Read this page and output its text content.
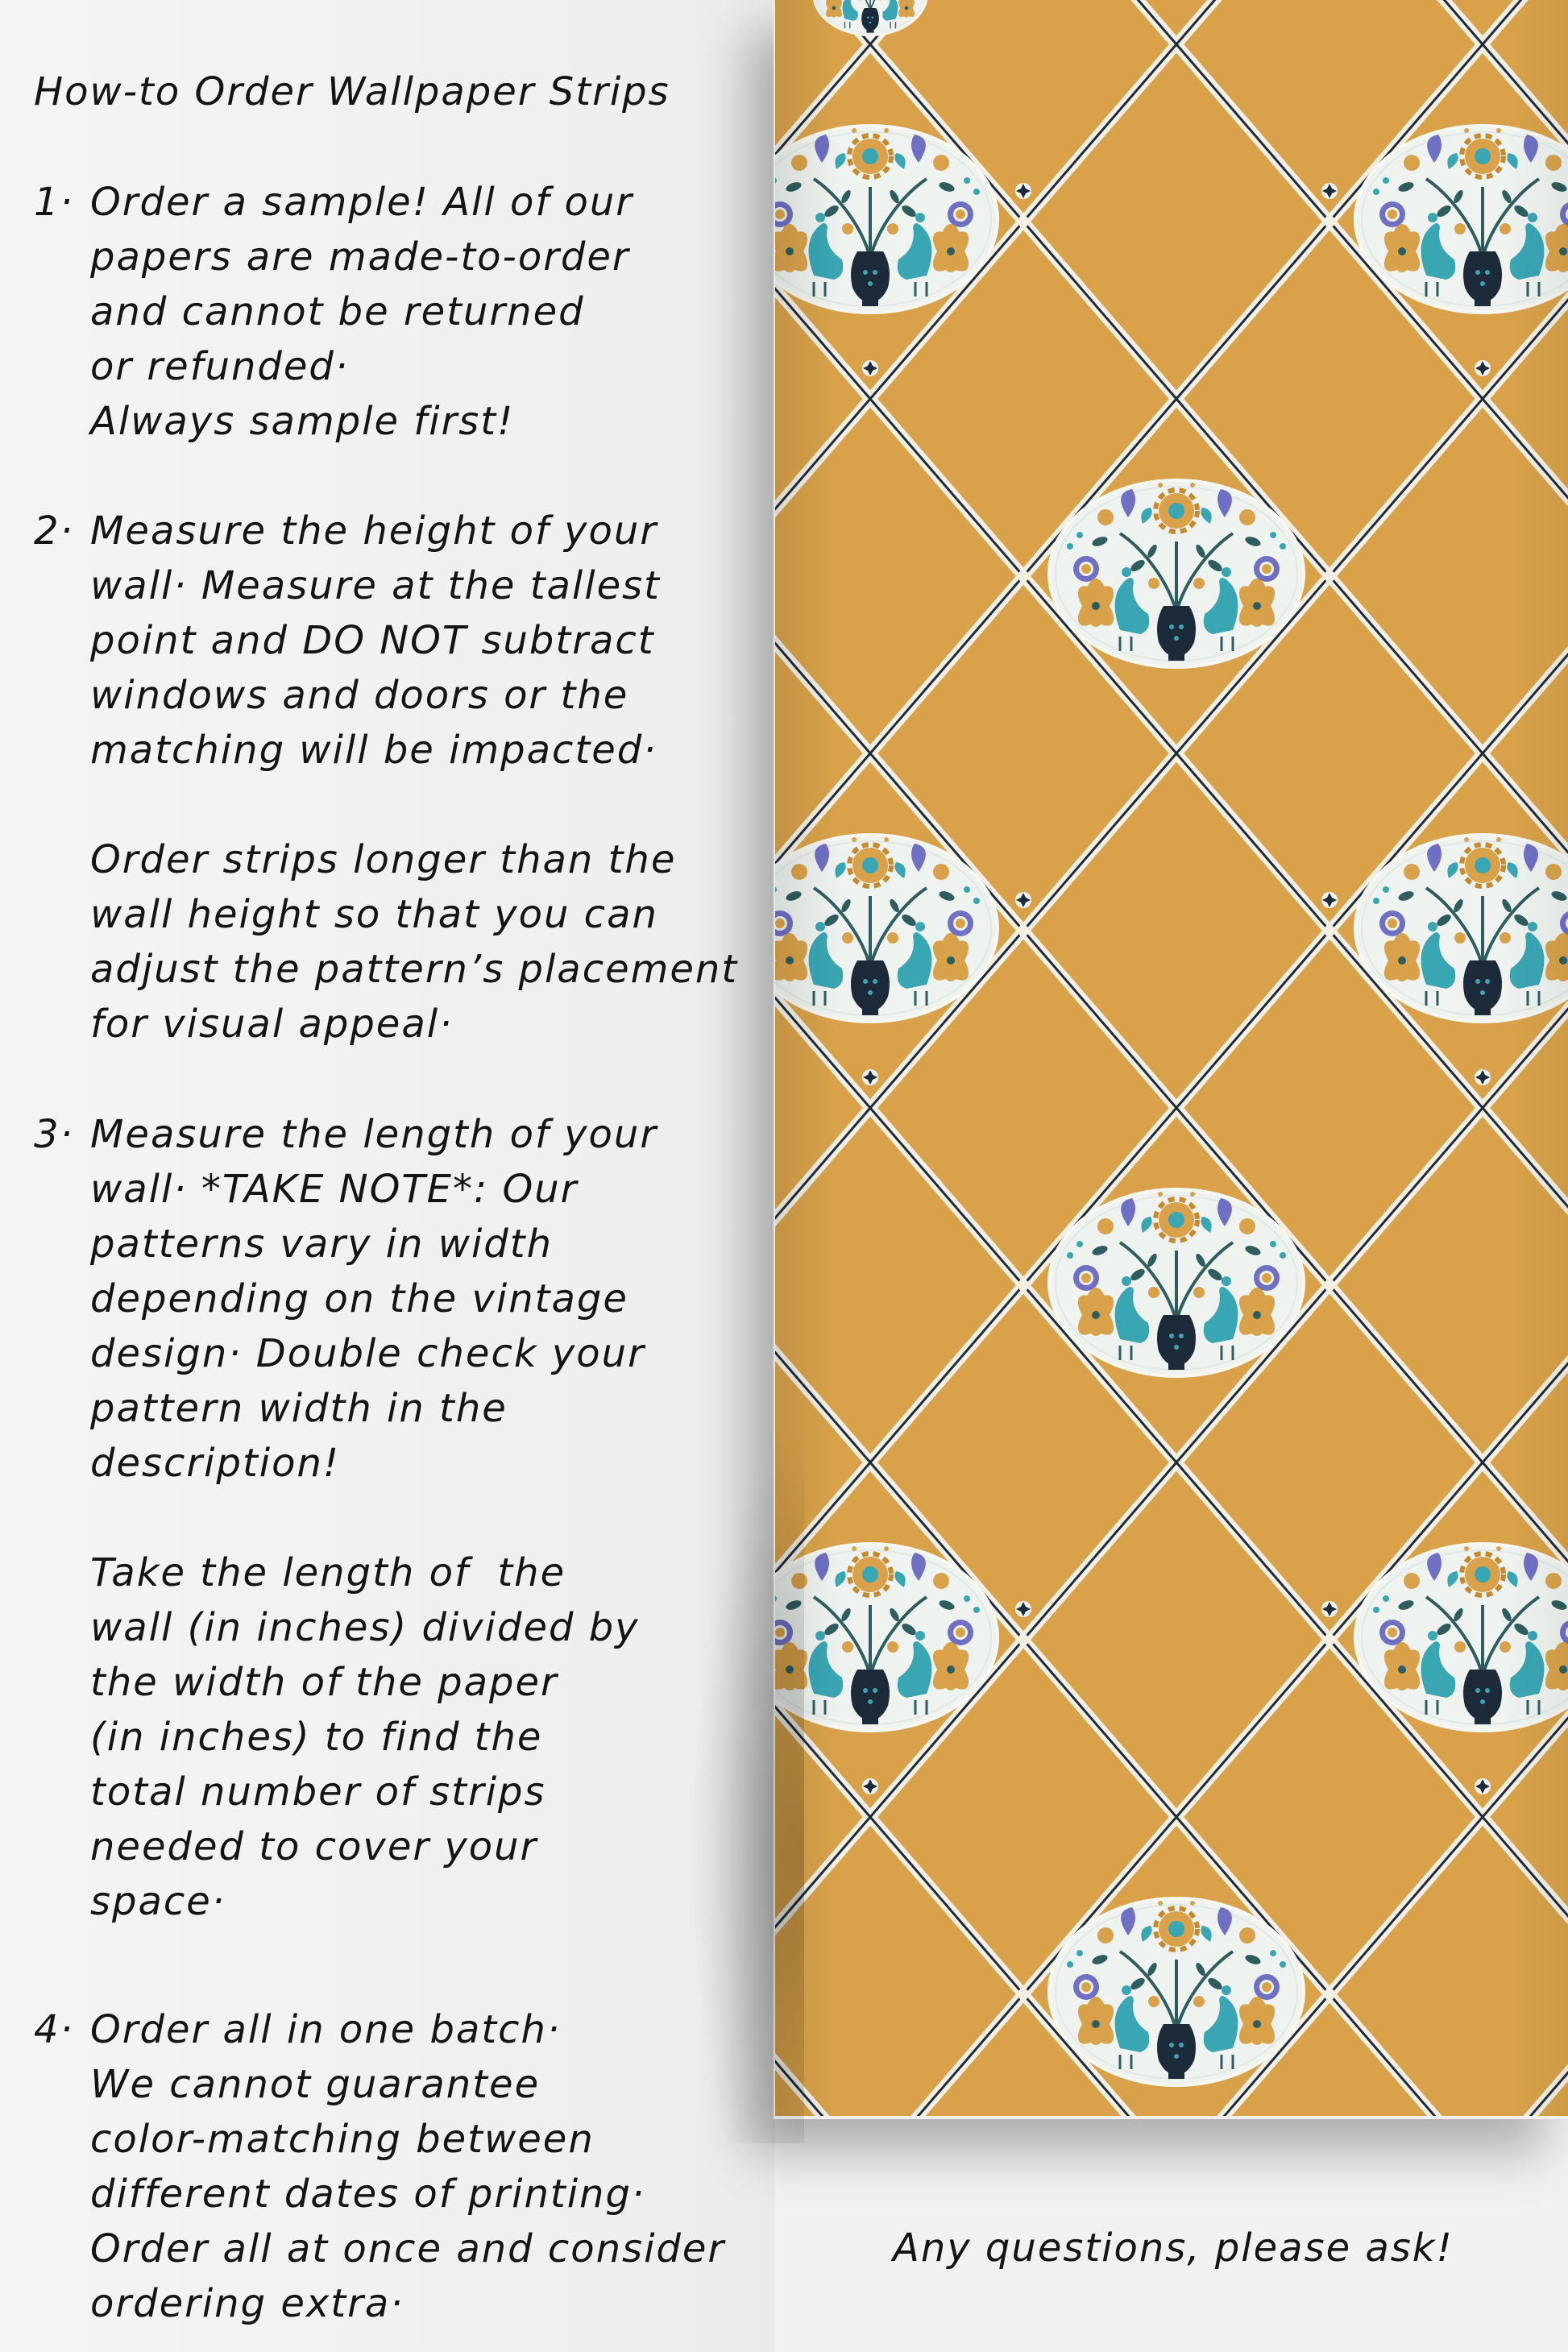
How-to Order Wallpaper Strips
1· Order a sample! All of our
papers are made-to-order
and cannot be returned
or refunded·
Always sample first!
2· Measure the height of your
wall· Measure at the tallest
point and DO NOT subtract
windows and doors or the
matching will be impacted·
Order strips longer than the
wall height so that you can
adjust the pattern’s placement
for visual appeal·
3· Measure the length of your
wall· *TAKE NOTE*: Our
patterns vary in width
depending on the vintage
design· Double check your
pattern width in the
description!
Take the length of  the
wall (in inches) divided by
the width of the paper
(in inches) to find the
total number of strips
needed to cover your
space·
4· Order all in one batch·
We cannot guarantee
color-matching between
different dates of printing·
Order all at once and consider
ordering extra·
Any questions, please ask!
